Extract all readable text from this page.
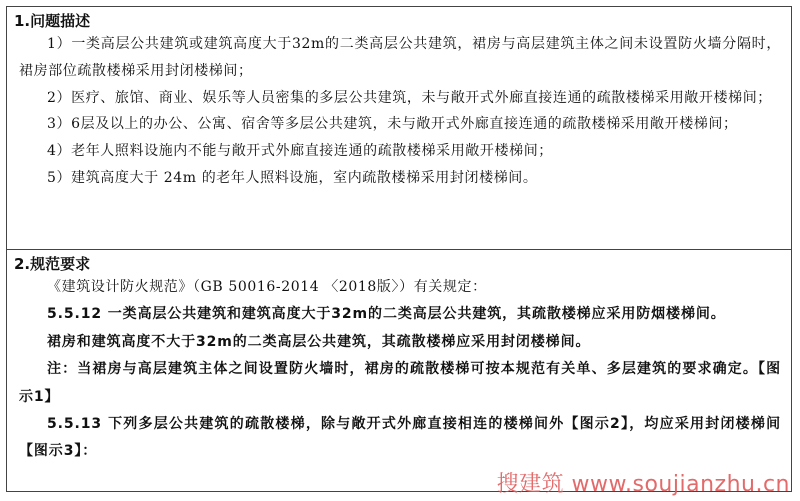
1.问题描述
1）一类高层公共建筑或建筑高度大于32m的二类高层公共建筑，裙房与高层建筑主体之间未设置防火墙分隔时，裙房部位疏散楼梯采用封闭楼梯间；
2）医疗、旅馆、商业、娱乐等人员密集的多层公共建筑，未与敞开式外廊直接连通的疏散楼梯采用敞开楼梯间；
3）6层及以上的办公、公寓、宿舍等多层公共建筑，未与敞开式外廊直接连通的疏散楼梯采用敞开楼梯间；
4）老年人照料设施内不能与敞开式外廊直接连通的疏散楼梯采用敞开楼梯间；
5）建筑高度大于 24m 的老年人照料设施，室内疏散楼梯采用封闭楼梯间。
2.规范要求
《建筑设计防火规范》（GB 50016-2014 〈2018版〉）有关规定：
5.5.12 一类高层公共建筑和建筑高度大于32m的二类高层公共建筑，其疏散楼梯应采用防烟楼梯间。
裙房和建筑高度不大于32m的二类高层公共建筑，其疏散楼梯应采用封闭楼梯间。
注：当裙房与高层建筑主体之间设置防火墙时，裙房的疏散楼梯可按本规范有关单、多层建筑的要求确定。【图示1】
5.5.13 下列多层公共建筑的疏散楼梯，除与敞开式外廊直接相连的楼梯间外【图示2】，均应采用封闭楼梯间【图示3】：
搜建筑 www.soujianzhu.cn
